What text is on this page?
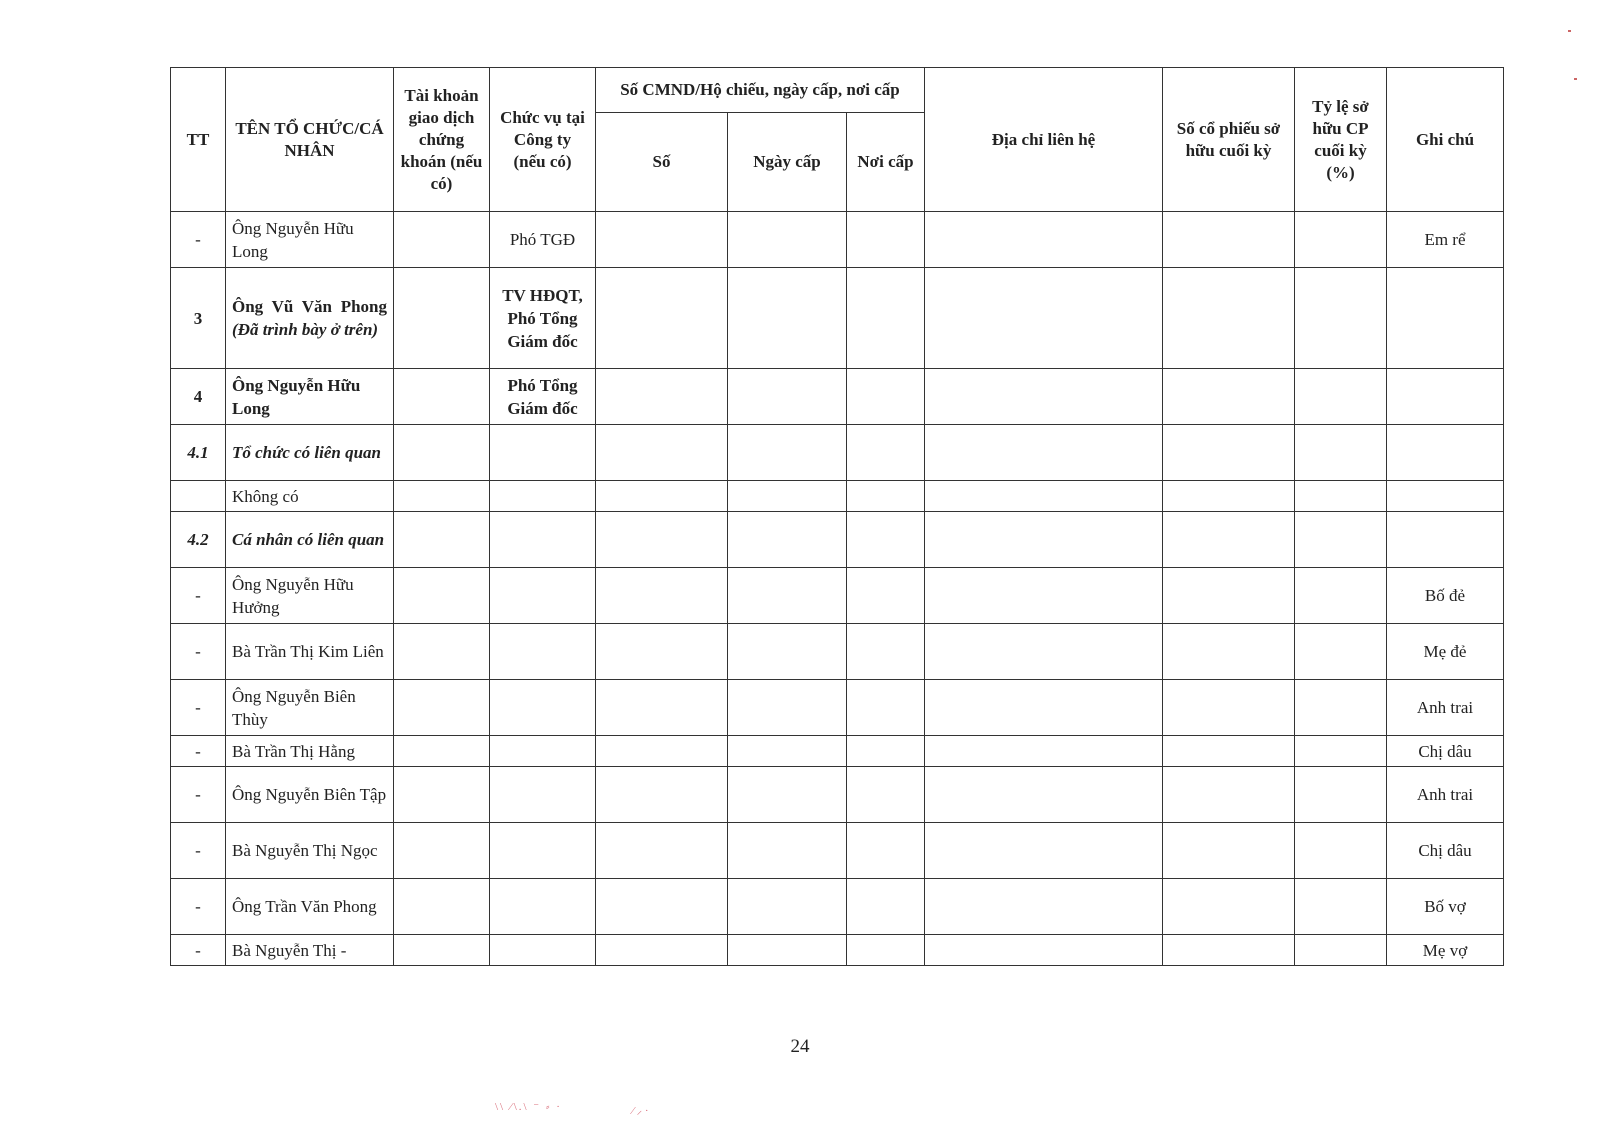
TT	TÊN TỔ CHỨC/CÁ NHÂN	Tài khoản giao dịch chứng khoán (nếu có)	Chức vụ tại Công ty (nếu có)	Số CMND/Hộ chiếu, ngày cấp, nơi cấp			Địa chỉ liên hệ	Số cổ phiếu sở hữu cuối kỳ	Tỷ lệ sở hữu CP cuối kỳ (%)	Ghi chú
				Số	Ngày cấp	Nơi cấp				
-	Ông Nguyễn Hữu Long		Phó TGĐ							Em rể
3	Ông Vũ Văn Phong (Đã trình bày ở trên)		TV HĐQT, Phó Tổng Giám đốc							
4	Ông Nguyễn Hữu Long		Phó Tổng Giám đốc							
4.1	Tổ chức có liên quan									
	Không có									
4.2	Cá nhân có liên quan									
-	Ông Nguyễn Hữu Hưởng									Bố đẻ
-	Bà Trần Thị Kim Liên									Mẹ đẻ
-	Ông Nguyễn Biên Thùy									Anh trai
-	Bà Trần Thị Hằng									Chị dâu
-	Ông Nguyễn Biên Tập									Anh trai
-	Bà Nguyễn Thị Ngọc									Chị dâu
-	Ông Trần Văn Phong									Bố vợ
-	Bà Nguyễn Thị -									Mẹ vợ
24
\\ ⁄\.\ ⁻ ⸗ ·	⁄ ⸝ ·
